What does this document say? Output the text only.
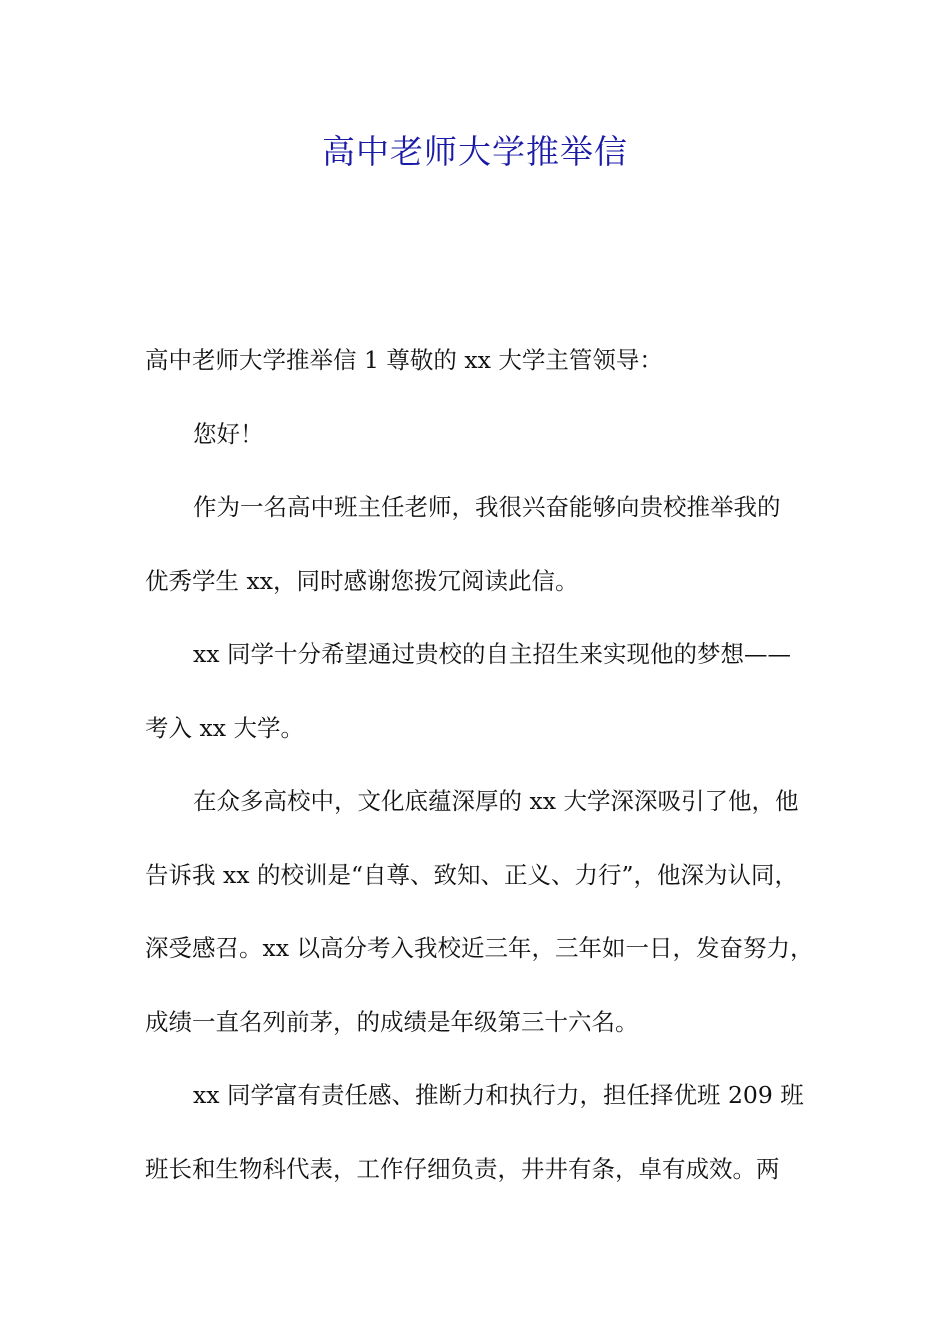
高中老师大学推举信
高中老师大学推举信 1 尊敬的 xx 大学主管领导：
您好！
作为一名高中班主任老师，我很兴奋能够向贵校推举我的
优秀学生 xx，同时感谢您拨冗阅读此信。
xx 同学十分希望通过贵校的自主招生来实现他的梦想——
考入 xx 大学。
在众多高校中，文化底蕴深厚的 xx 大学深深吸引了他，他
告诉我 xx 的校训是“自尊、致知、正义、力行”，他深为认同，
深受感召。xx 以高分考入我校近三年，三年如一日，发奋努力，
成绩一直名列前茅，的成绩是年级第三十六名。
xx 同学富有责任感、推断力和执行力，担任择优班 209 班
班长和生物科代表，工作仔细负责，井井有条，卓有成效。两
